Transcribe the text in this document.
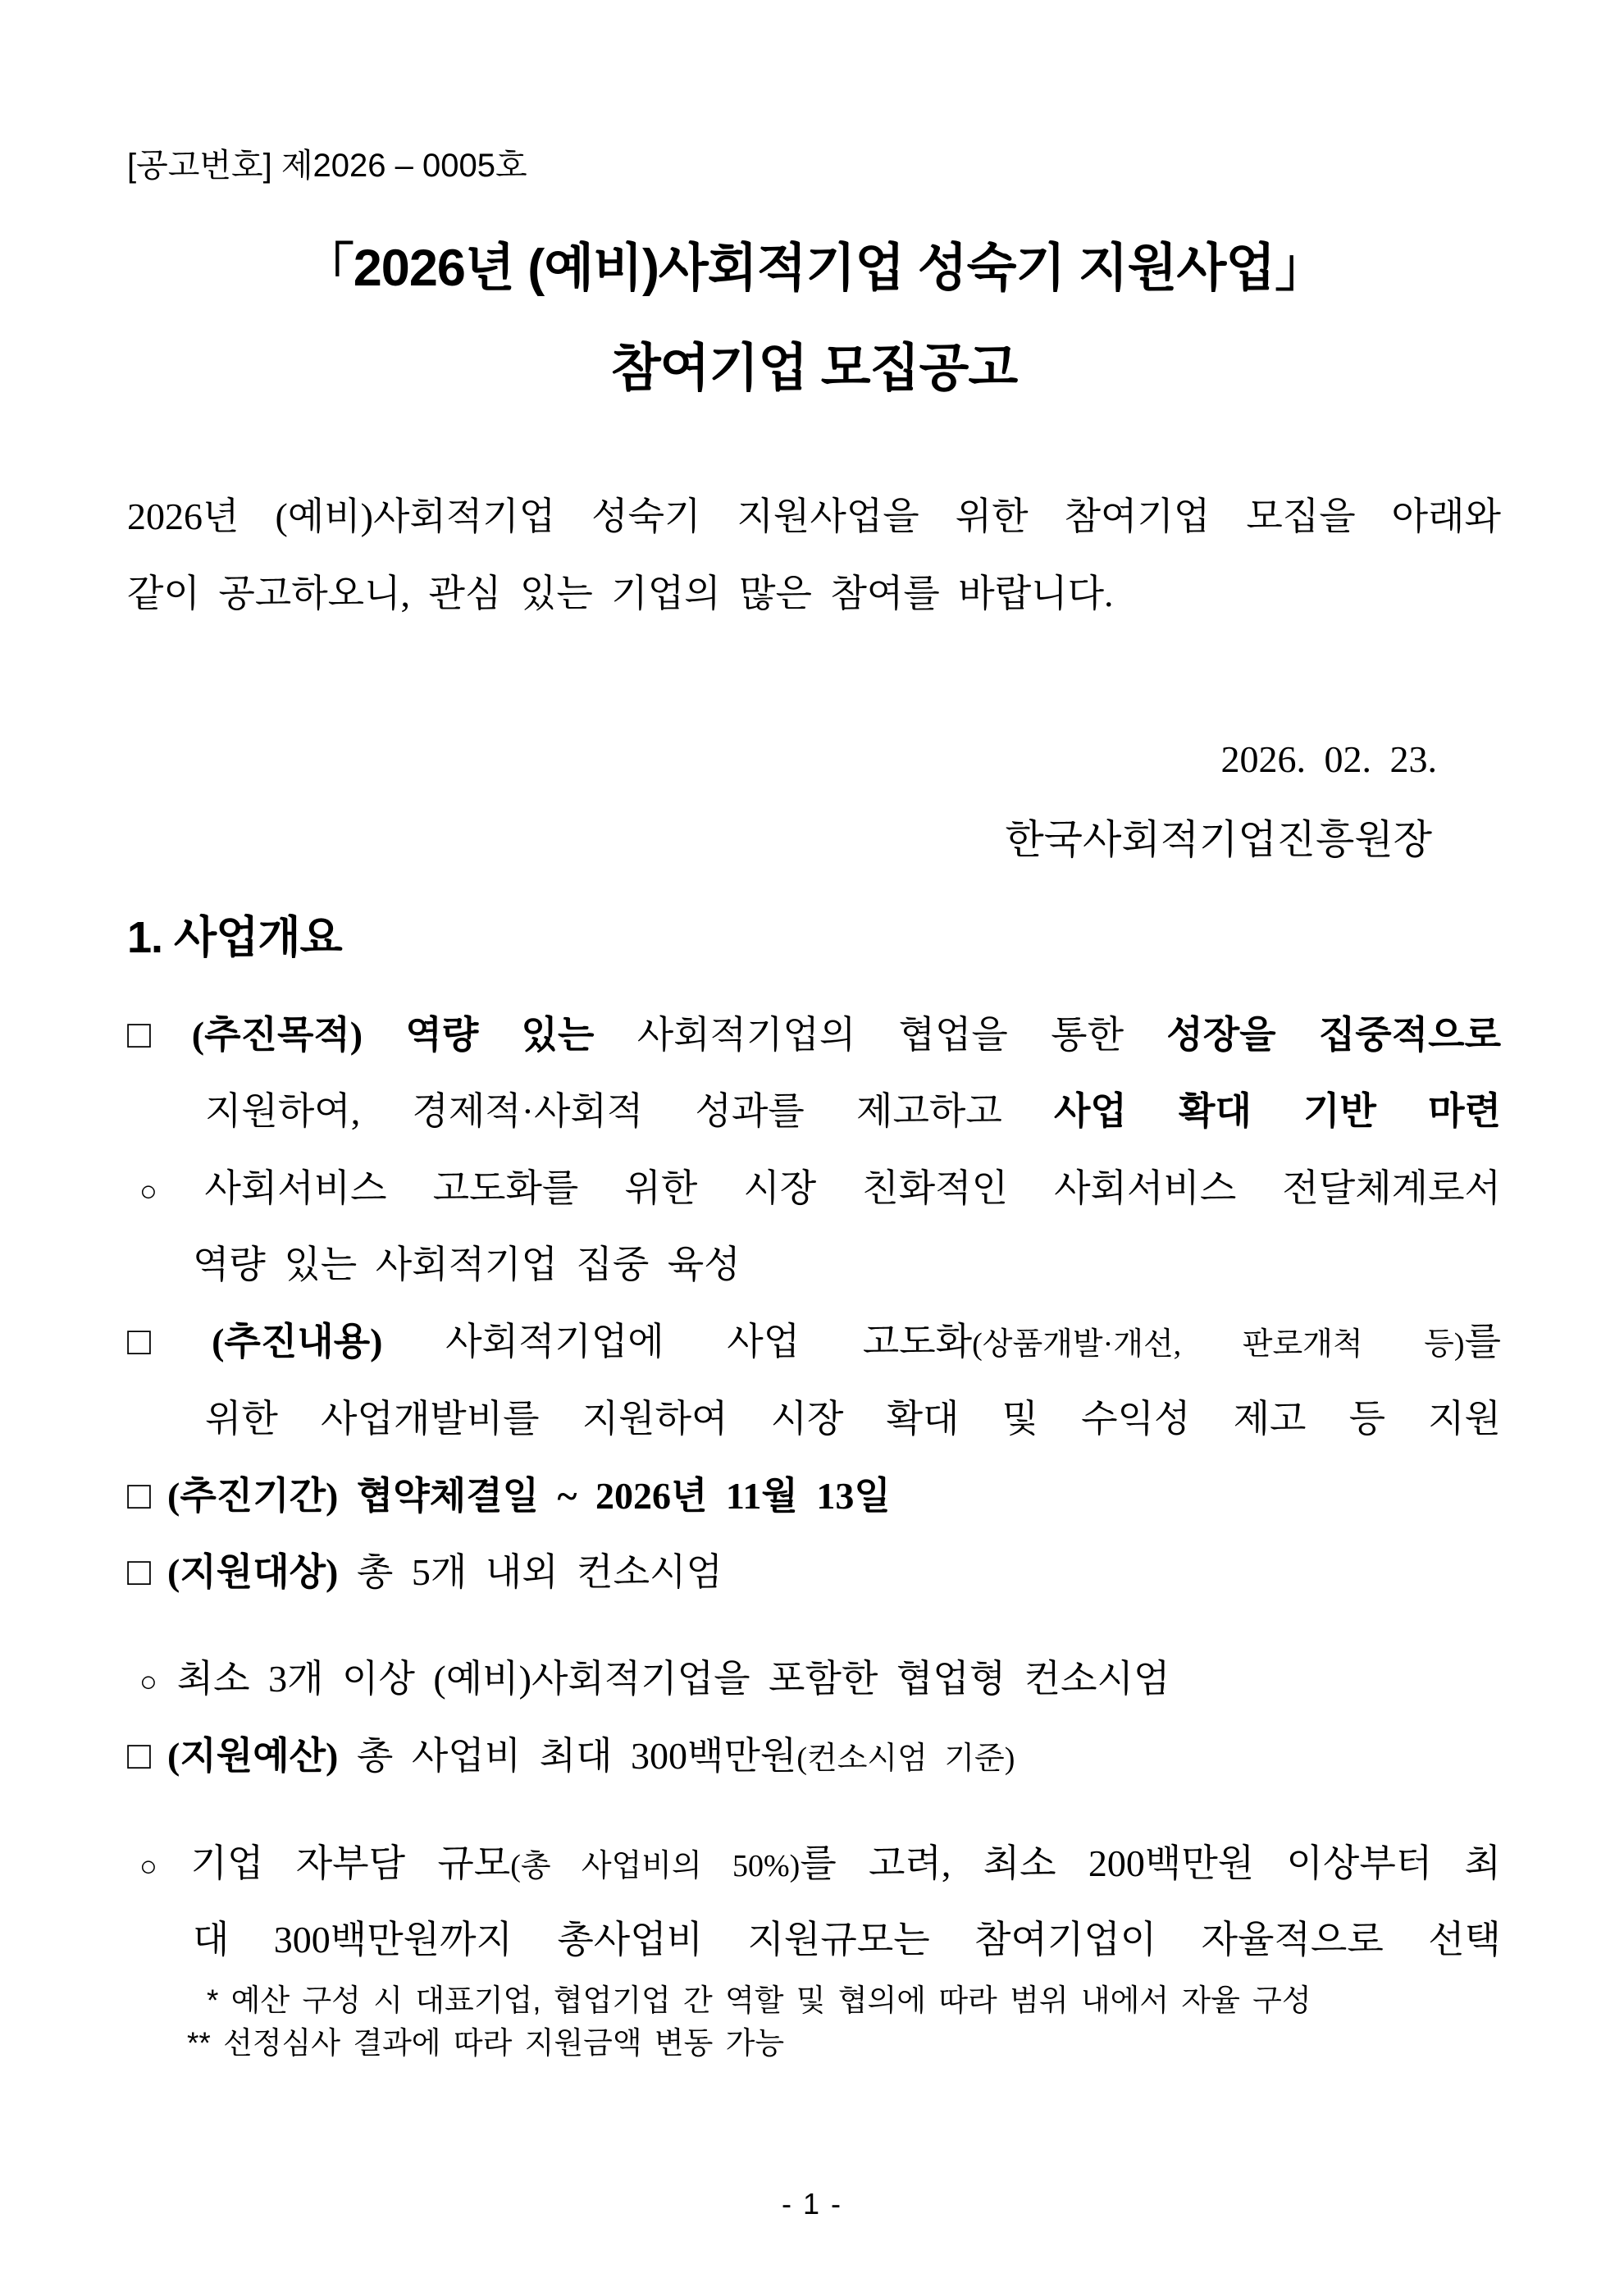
[공고번호] 제2026 – 0005호
「2026년 (예비)사회적기업 성숙기 지원사업」
참여기업 모집공고
2026년 (예비)사회적기업 성숙기 지원사업을 위한 참여기업 모집을 아래와
같이 공고하오니, 관심 있는 기업의 많은 참여를 바랍니다.
2026. 02. 23.
한국사회적기업진흥원장
1. 사업개요
□ (추진목적) 역량 있는 사회적기업의 협업을 통한 성장을 집중적으로
지원하여, 경제적·사회적 성과를 제고하고 사업 확대 기반 마련
○ 사회서비스 고도화를 위한 시장 친화적인 사회서비스 전달체계로서
역량 있는 사회적기업 집중 육성
□ (추진내용) 사회적기업에 사업 고도화(상품개발·개선, 판로개척 등)를
위한 사업개발비를 지원하여 시장 확대 및 수익성 제고 등 지원
□ (추진기간) 협약체결일 ~ 2026년 11월 13일
□ (지원대상) 총 5개 내외 컨소시엄
○ 최소 3개 이상 (예비)사회적기업을 포함한 협업형 컨소시엄
□ (지원예산) 총 사업비 최대 300백만원(컨소시엄 기준)
○ 기업 자부담 규모(총 사업비의 50%)를 고려, 최소 200백만원 이상부터 최
대 300백만원까지 총사업비 지원규모는 참여기업이 자율적으로 선택
* 예산 구성 시 대표기업, 협업기업 간 역할 및 협의에 따라 범위 내에서 자율 구성
** 선정심사 결과에 따라 지원금액 변동 가능
- 1 -
